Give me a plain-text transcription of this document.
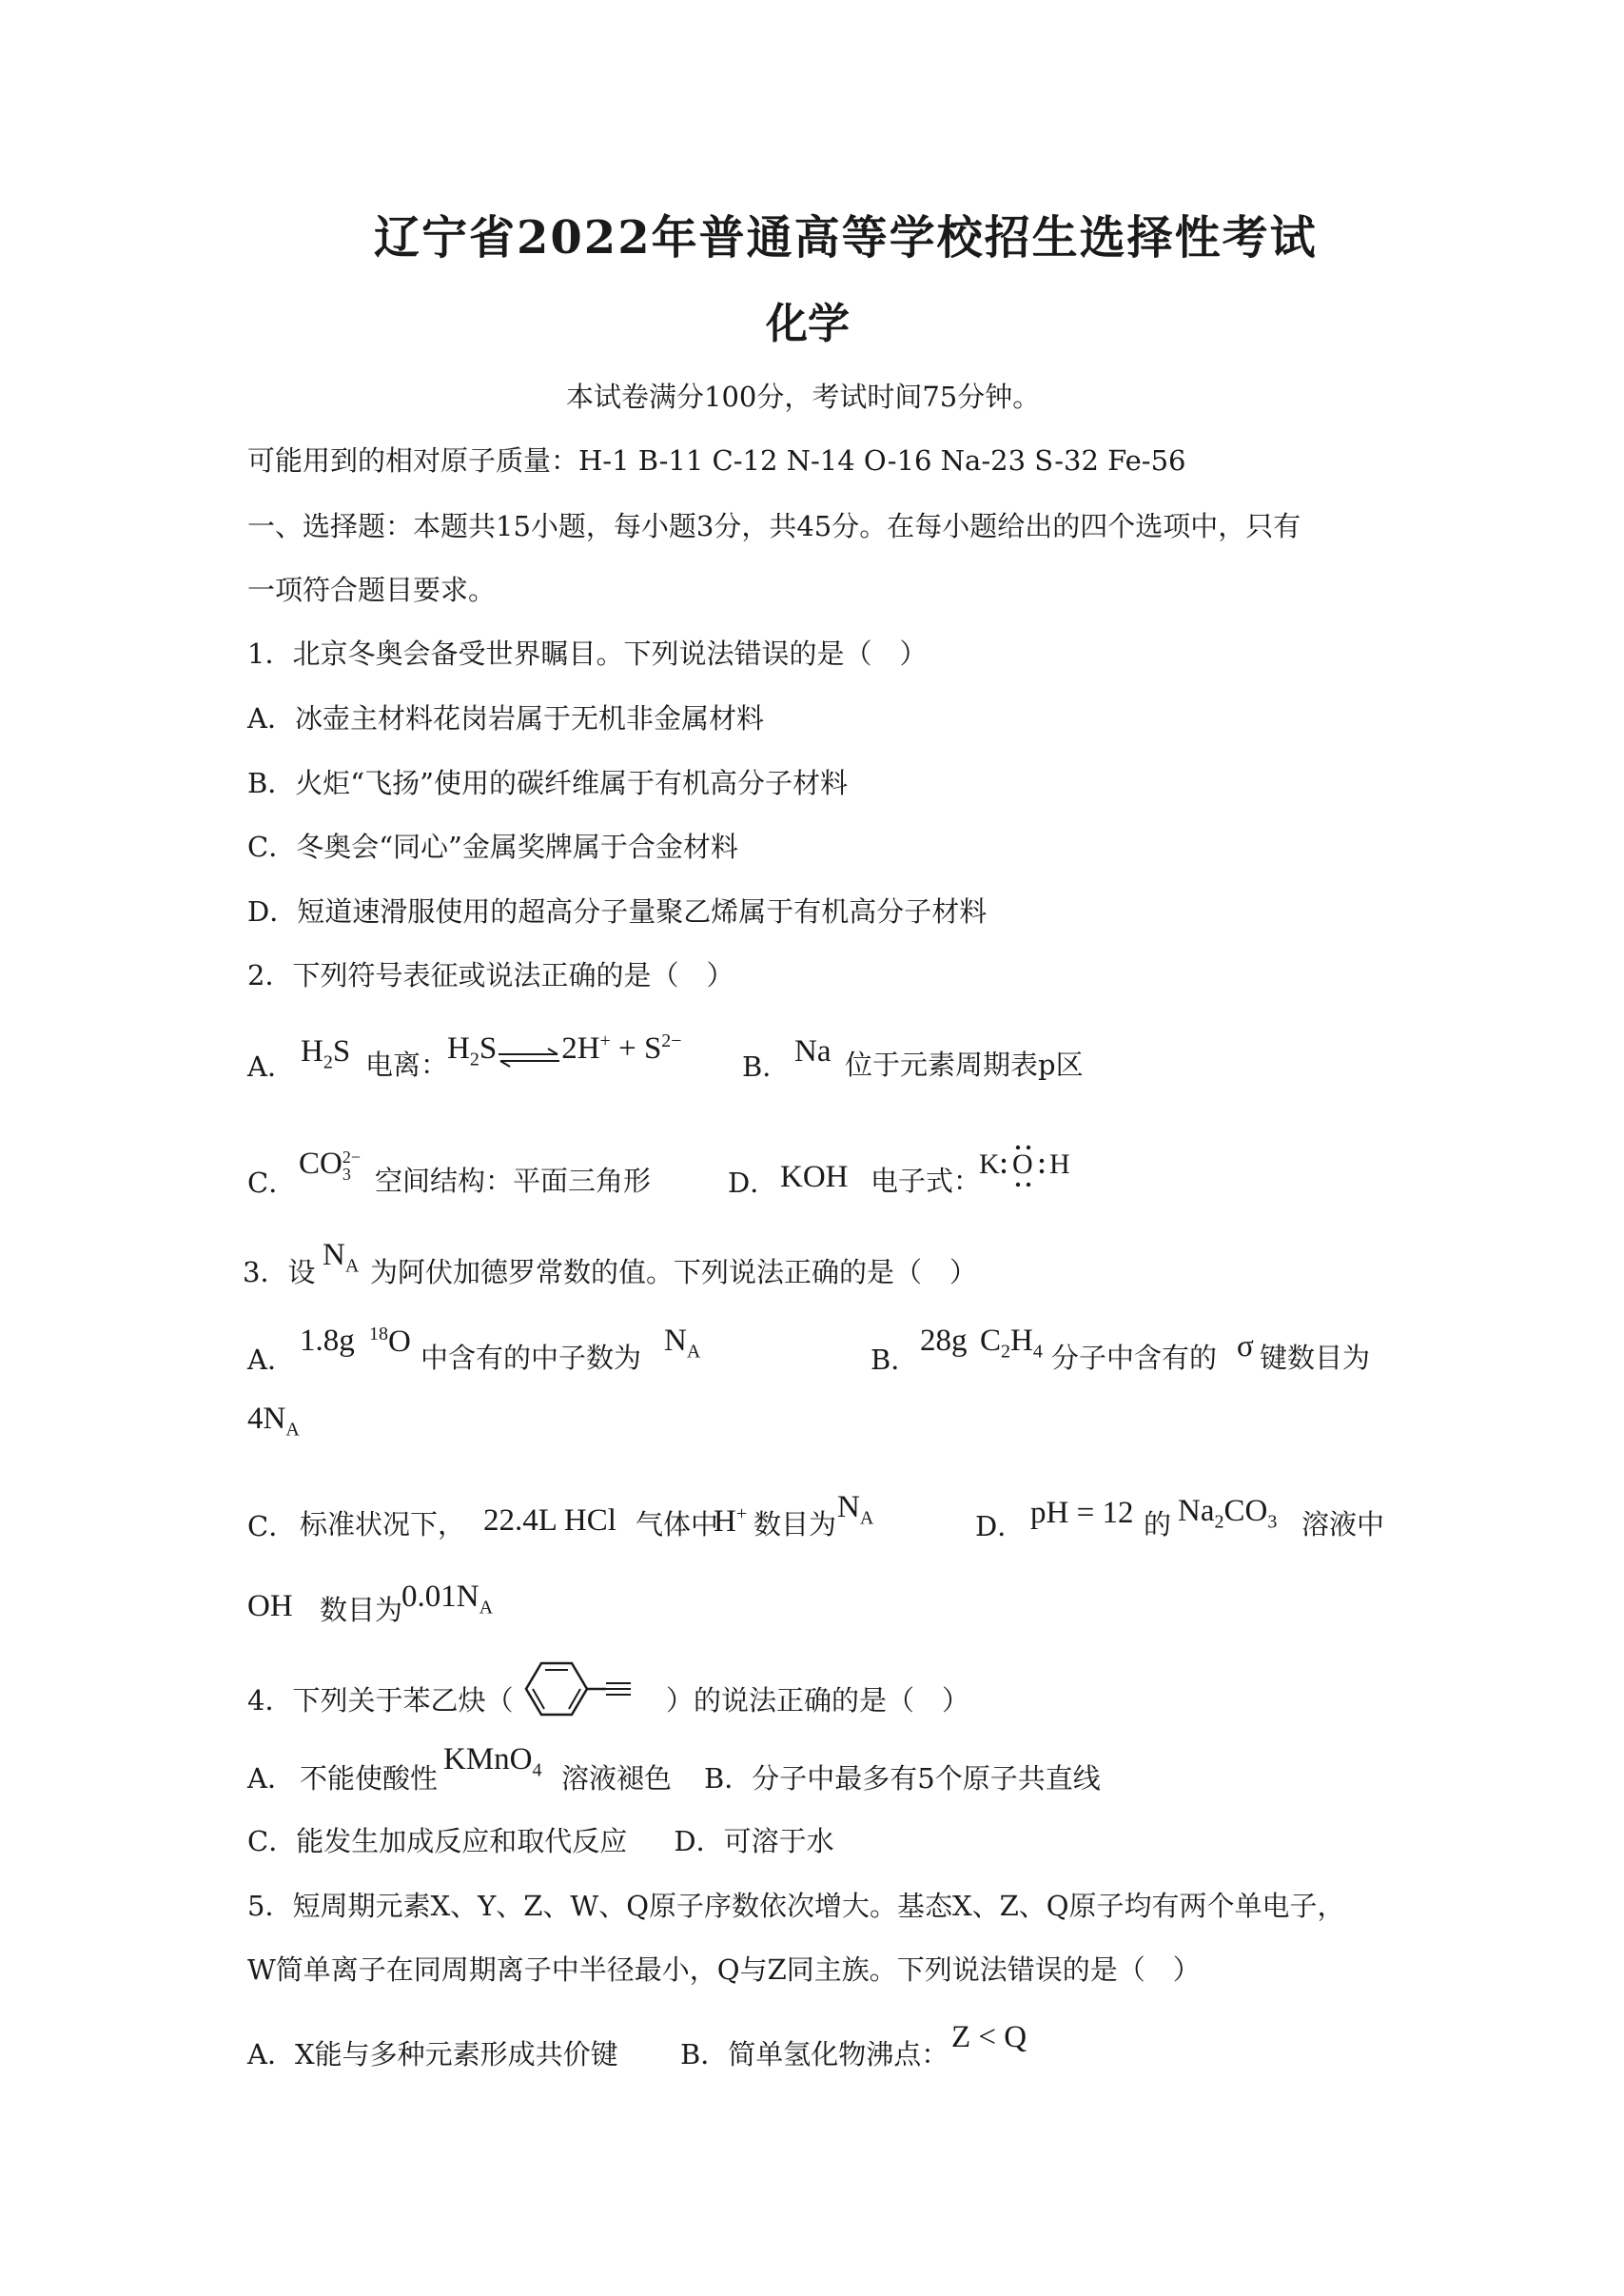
辽宁省2022年普通高等学校招生选择性考试
化学
本试卷满分100分，考试时间75分钟。
可能用到的相对原子质量：H-1 B-11 C-12 N-14 O-16 Na-23 S-32 Fe-56
一、选择题：本题共15小题，每小题3分，共45分。在每小题给出的四个选项中，只有
一项符合题目要求。
1．北京冬奥会备受世界瞩目。下列说法错误的是（　）
A．冰壶主材料花岗岩属于无机非金属材料
B．火炬“飞扬”使用的碳纤维属于有机高分子材料
C．冬奥会“同心”金属奖牌属于合金材料
D．短道速滑服使用的超高分子量聚乙烯属于有机高分子材料
2．下列符号表征或说法正确的是（　）
A． $H_2S$ 电离：
$H_2S\rightleftharpoons 2H^+ + S^{2-}$
B． Na 位于元素周期表p区
C．
CO 2−
3 空间结构：平面三角形	D． KOH 电子式：
K O H
3．设 $N_A$ 为阿伏加德罗常数的值。下列说法正确的是（　）
A．
1.8g $^{18}$O 中含有的中子数为 $N_A$	B．
28g $C_2H_4$ 分子中含有的 σ 键数目为
$4N_A$
C． 标准状况下， 22.4L HCl 气体中
H+ 数目为 $N_A$	D． pH = 12 的 $Na_2CO_3$ 溶液中
OH 数目为
$0.01N_A$
4．下列关于苯乙炔（	）的说法正确的是（　）
A． 不能使酸性
KMnO$_4$ 溶液褪色 B．分子中最多有5个原子共直线
C．能发生加成反应和取代反应 D．可溶于水
5．短周期元素X、Y、Z、W、Q原子序数依次增大。基态X、Z、Q原子均有两个单电子，
W简单离子在同周期离子中半径最小，Q与Z同主族。下列说法错误的是（　）
A．X能与多种元素形成共价键 B．简单氢化物沸点： Z < Q
